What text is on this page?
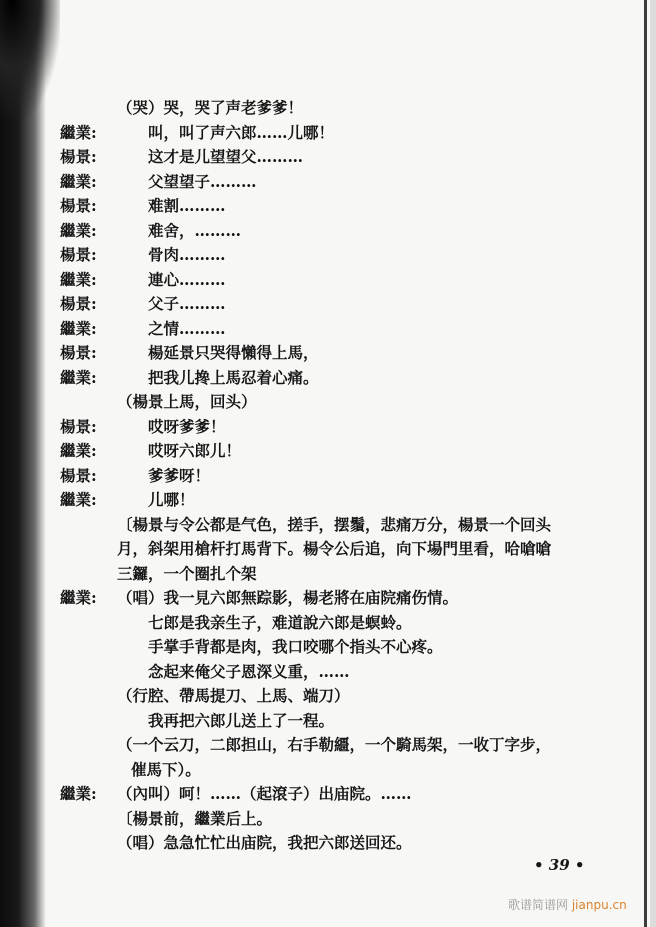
（哭）哭，哭了声老爹爹！
繼業:	叫，叫了声六郎……儿哪！
楊景:	这才是儿望望父………
繼業:	父望望子………
楊景:	难割………
繼業:	难舍，………
楊景:	骨肉………
繼業:	連心………
楊景:	父子………
繼業:	之情………
楊景:	楊延景只哭得懶得上馬，
繼業:	把我儿搀上馬忍着心痛。
（楊景上馬，回头）
楊景:	哎呀爹爹！
繼業:	哎呀六郎儿！
楊景:	爹爹呀！
繼業:	儿哪！
〔楊景与令公都是气色，搓手，摆鬚，悲痛万分，楊景一个回头
月，斜架用槍杆打馬背下。楊令公后追，向下場門里看，哈嗆嗆
三鑼，一个圈扎个架
繼業: （唱）我一見六郎無踪影，楊老將在庙院痛伤情。
七郎是我亲生子，难道說六郎是螟蛉。
手掌手背都是肉，我口咬哪个指头不心疼。
念起来俺父子恩深义重，……
（行腔、帶馬提刀、上馬、端刀）
我再把六郎儿送上了一程。
（一个云刀，二郎担山，右手勒繮，一个騎馬架，一收丁字步，
催馬下）。
繼業: （內叫）呵！……（起滾子）出庙院。……
〔楊景前，繼業后上。
（唱）急急忙忙出庙院，我把六郎送回还。
• 39 •
歌谱简谱网 jianpu.cn
